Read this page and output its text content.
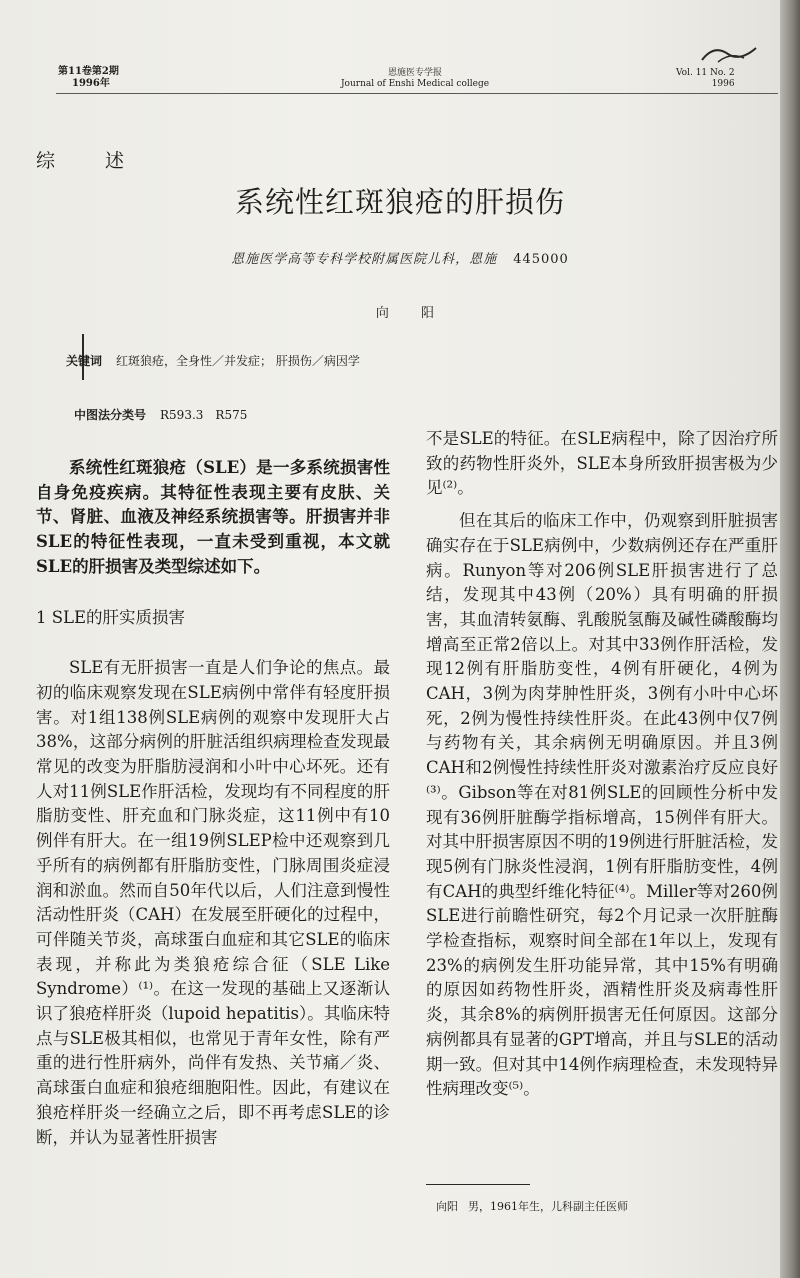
第11卷第2期
1996年
恩施医专学报
Journal of Enshi Medical college
Vol. 11 No. 2
1996
综 述
系统性红斑狼疮的肝损伤
恩施医学高等专科学校附属医院儿科，恩施 445000
向 阳
关键词 红斑狼疮，全身性／并发症； 肝损伤／病因学
中图法分类号 R593.3 R575

系统性红斑狼疮（SLE）是一多系统损害性自身免疫疾病。其特征性表现主要有皮肤、关节、肾脏、血液及神经系统损害等。肝损害并非SLE的特征性表现，一直未受到重视，本文就SLE的肝损害及类型综述如下。

1 SLE的肝实质损害

SLE有无肝损害一直是人们争论的焦点。最初的临床观察发现在SLE病例中常伴有轻度肝损害。对1组138例SLE病例的观察中发现肝大占38%，这部分病例的肝脏活组织病理检查发现最常见的改变为肝脂肪浸润和小叶中心坏死。还有人对11例SLE作肝活检，发现均有不同程度的肝脂肪变性、肝充血和门脉炎症，这11例中有10例伴有肝大。在一组19例SLEP检中还观察到几乎所有的病例都有肝脂肪变性，门脉周围炎症浸润和淤血。然而自50年代以后，人们注意到慢性活动性肝炎（CAH）在发展至肝硬化的过程中，可伴随关节炎，高球蛋白血症和其它SLE的临床表现，并称此为类狼疮综合征（SLE Like Syndrome）⁽¹⁾。在这一发现的基础上又逐渐认识了狼疮样肝炎（lupoid hepatitis）。其临床特点与SLE极其相似，也常见于青年女性，除有严重的进行性肝病外，尚伴有发热、关节痛／炎、高球蛋白血症和狼疮细胞阳性。因此，有建议在狼疮样肝炎一经确立之后，即不再考虑SLE的诊断，并认为显著性肝损害

不是SLE的特征。在SLE病程中，除了因治疗所致的药物性肝炎外，SLE本身所致肝损害极为少见⁽²⁾。

但在其后的临床工作中，仍观察到肝脏损害确实存在于SLE病例中，少数病例还存在严重肝病。Runyon等对206例SLE肝损害进行了总结，发现其中43例（20%）具有明确的肝损害，其血清转氨酶、乳酸脱氢酶及碱性磷酸酶均增高至正常2倍以上。对其中33例作肝活检，发现12例有肝脂肪变性，4例有肝硬化，4例为CAH，3例为肉芽肿性肝炎，3例有小叶中心坏死，2例为慢性持续性肝炎。在此43例中仅7例与药物有关，其余病例无明确原因。并且3例CAH和2例慢性持续性肝炎对激素治疗反应良好⁽³⁾。Gibson等在对81例SLE的回顾性分析中发现有36例肝脏酶学指标增高，15例伴有肝大。对其中肝损害原因不明的19例进行肝脏活检，发现5例有门脉炎性浸润，1例有肝脂肪变性，4例有CAH的典型纤维化特征⁽⁴⁾。Miller等对260例SLE进行前瞻性研究，每2个月记录一次肝脏酶学检查指标，观察时间全部在1年以上，发现有23%的病例发生肝功能异常，其中15%有明确的原因如药物性肝炎，酒精性肝炎及病毒性肝炎，其余8%的病例肝损害无任何原因。这部分病例都具有显著的GPT增高，并且与SLE的活动期一致。但对其中14例作病理检查，未发现特异性病理改变⁽⁵⁾。

向阳 男，1961年生，儿科副主任医师
